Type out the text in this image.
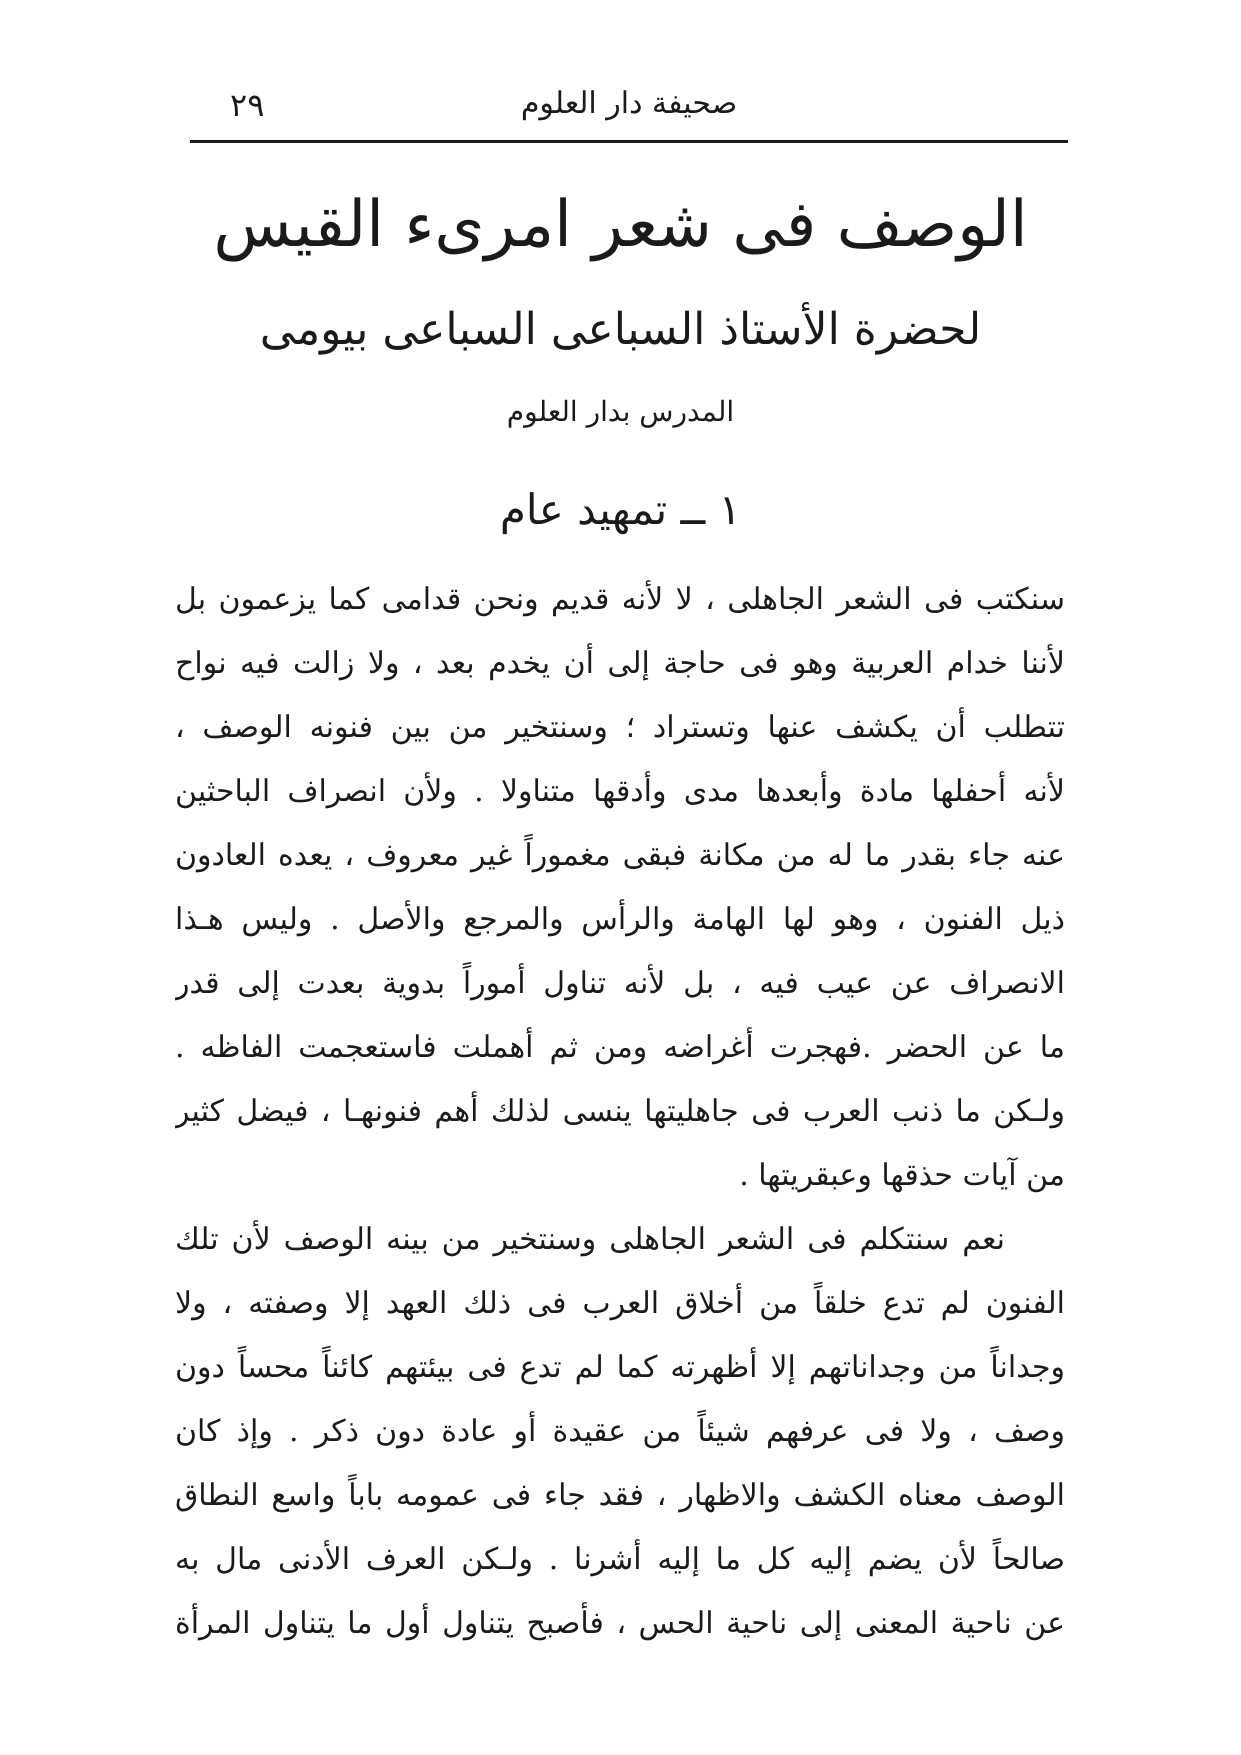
صحيفة دار العلوم
٢٩
الوصف فى شعر امرىء القيس
لحضرة الأستاذ السباعى السباعى بيومى
المدرس بدار العلوم
١ ــ تمهيد عام
سنكتب فى الشعر الجاهلى ، لا لأنه قديم ونحن قدامى كما يزعمون بل
لأننا خدام العربية وهو فى حاجة إلى أن يخدم بعد ، ولا زالت فيه نواح
تتطلب أن يكشف عنها وتستراد ؛ وسنتخير من بين فنونه الوصف ،
لأنه أحفلها مادة وأبعدها مدى وأدقها متناولا . ولأن انصراف الباحثين
عنه جاء بقدر ما له من مكانة فبقى مغموراً غير معروف ، يعده العادون
ذيل الفنون ، وهو لها الهامة والرأس والمرجع والأصل . وليس هـذا
الانصراف عن عيب فيه ، بل لأنه تناول أموراً بدوية بعدت إلى قدر
ما عن الحضر .فهجرت أغراضه ومن ثم أهملت فاستعجمت الفاظه .
ولـكن ما ذنب العرب فى جاهليتها ينسى لذلك أهم فنونهـا ، فيضل كثير
من آيات حذقها وعبقريتها .
نعم سنتكلم فى الشعر الجاهلى وسنتخير من بينه الوصف لأن تلك
الفنون لم تدع خلقاً من أخلاق العرب فى ذلك العهد إلا وصفته ، ولا
وجداناً من وجداناتهم إلا أظهرته كما لم تدع فى بيئتهم كائناً محساً دون
وصف ، ولا فى عرفهم شيئاً من عقيدة أو عادة دون ذكر . وإذ كان
الوصف معناه الكشف والاظهار ، فقد جاء فى عمومه باباً واسع النطاق
صالحاً لأن يضم إليه كل ما إليه أشرنا . ولـكن العرف الأدنى مال به
عن ناحية المعنى إلى ناحية الحس ، فأصبح يتناول أول ما يتناول المرأة
